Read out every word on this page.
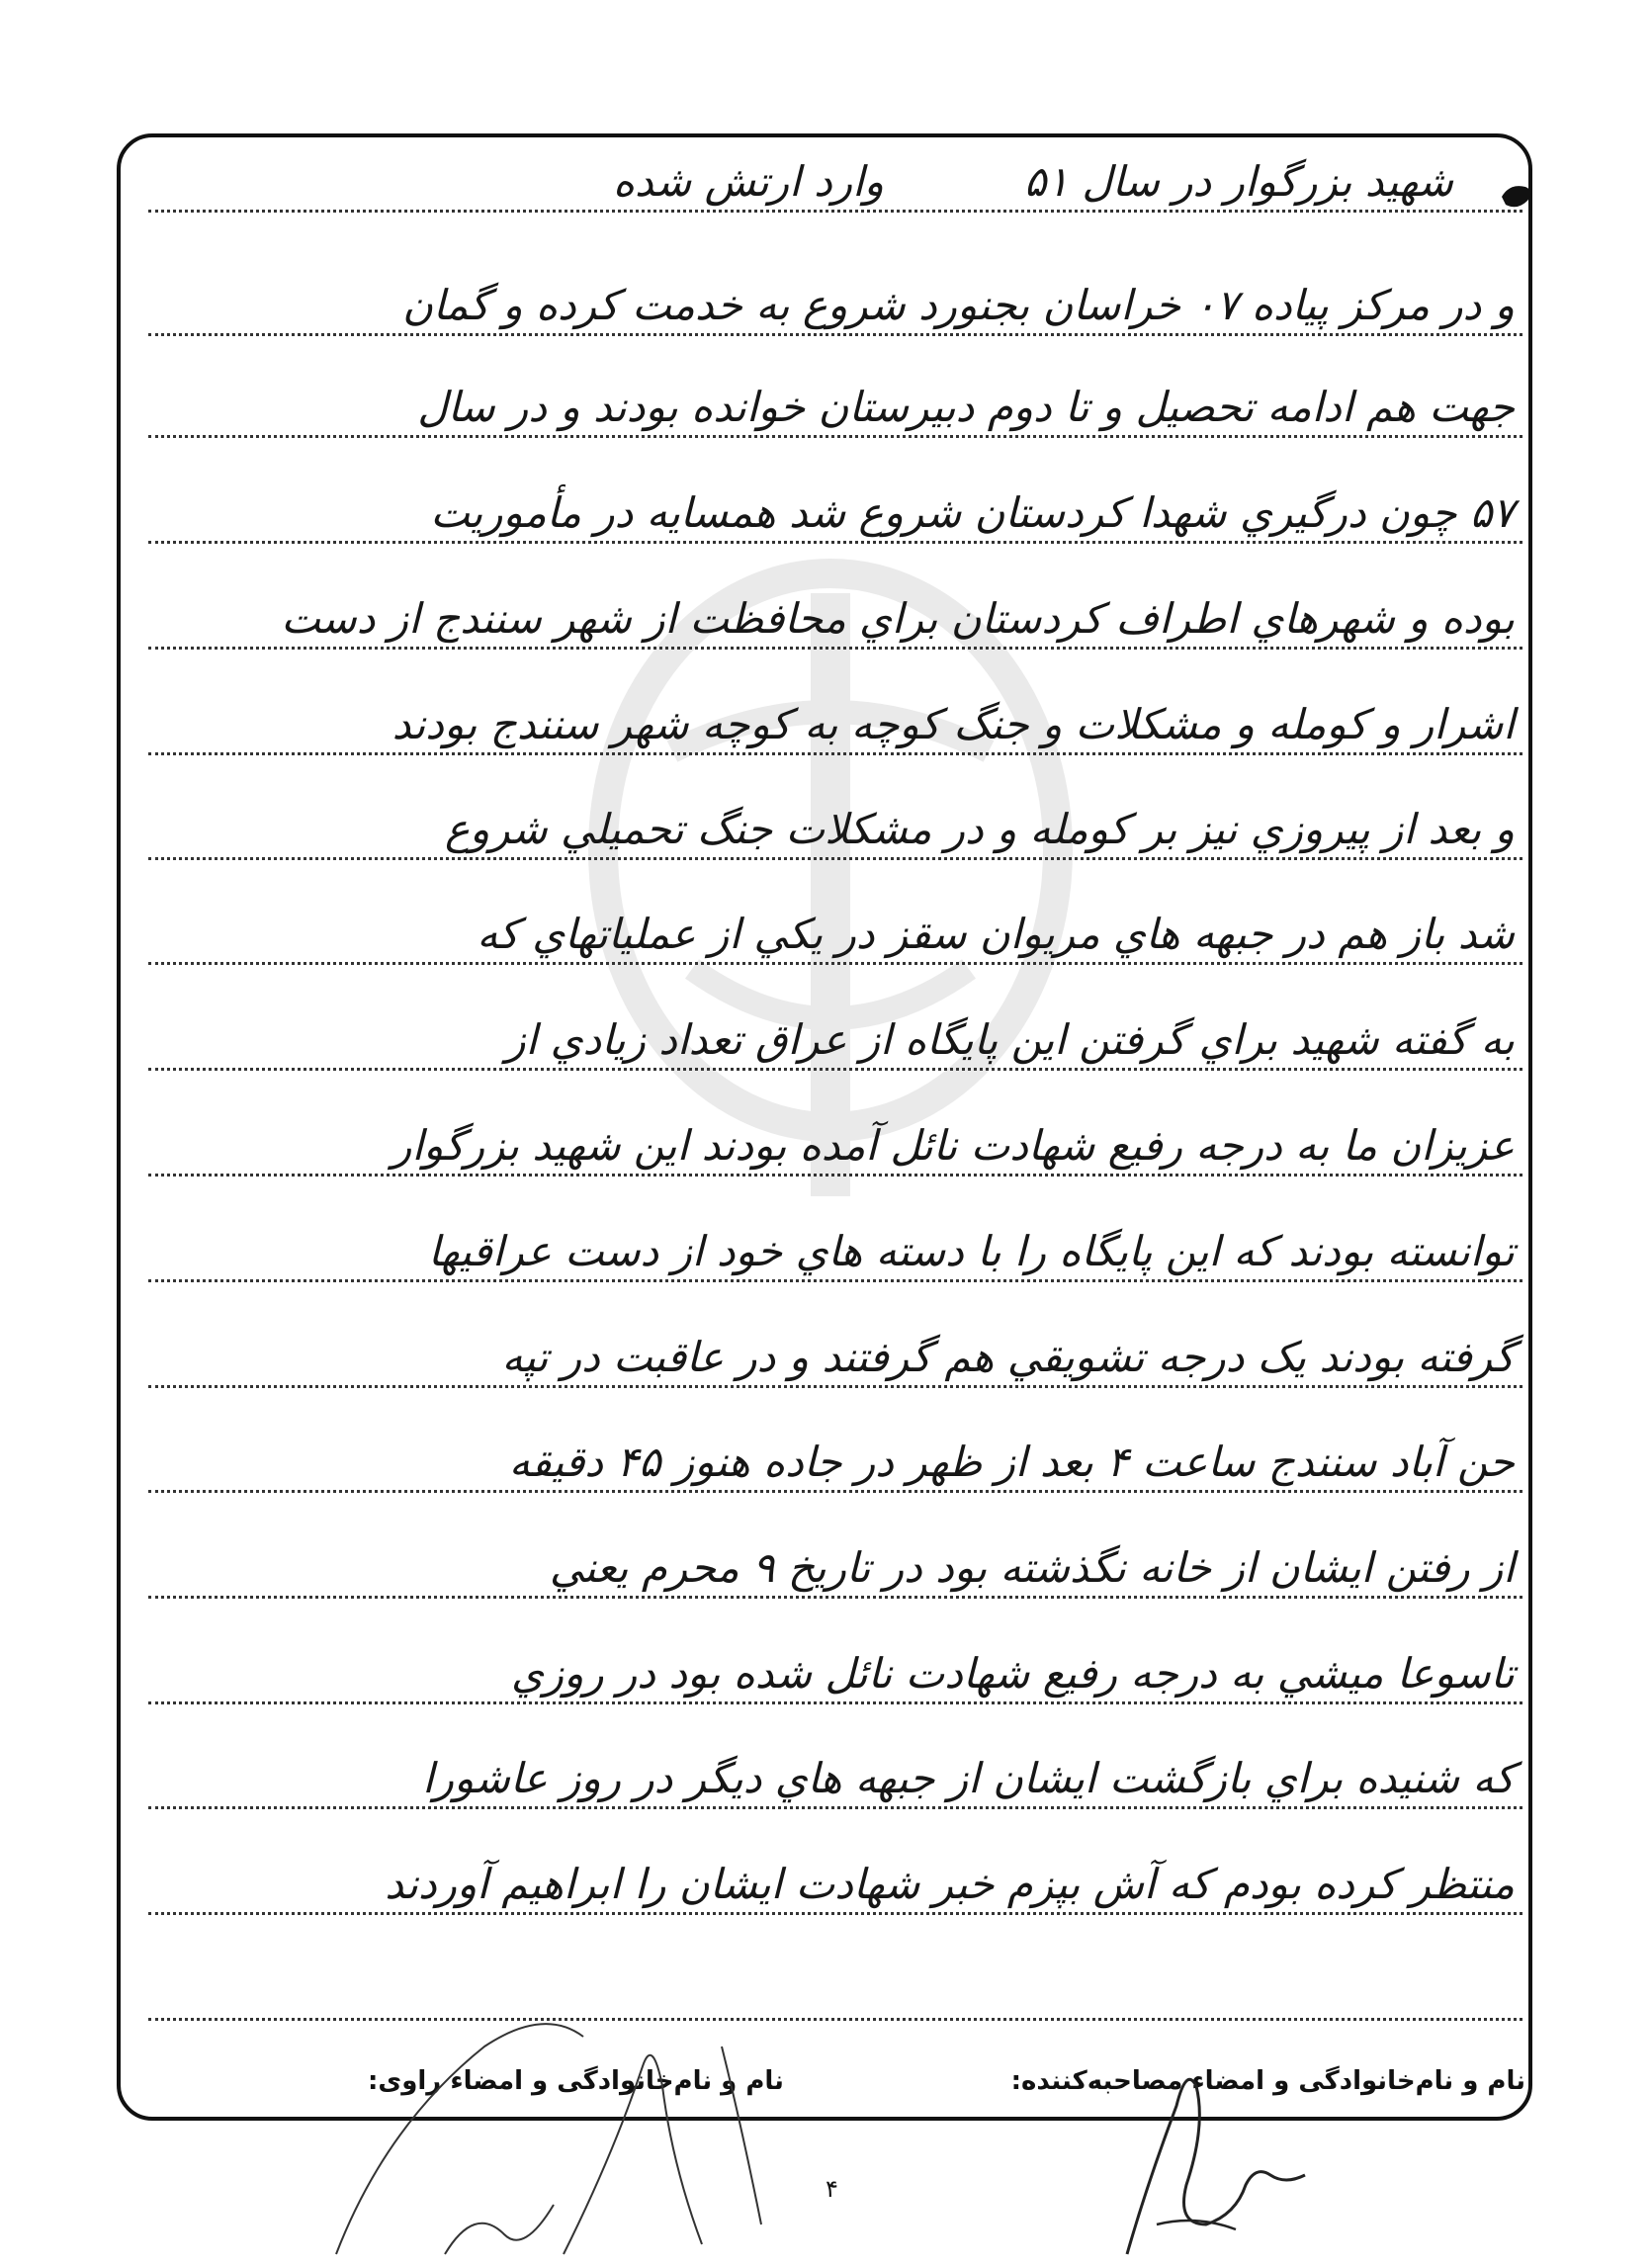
ﺷﻬﻴﺪ ﺑﺰﺭﮔﻮﺍﺭ ﺩﺭ ﺳﺎﻝ ۵۱
ﻭﺍﺭﺩ ﺍﺭﺗﺶ ﺷﺪﻩ
ﻭ ﺩﺭ ﻣﺮﮐﺰ ﭘﻴﺎﺩﻩ ۰۷ ﺧﺮﺍﺳﺎﻥ ﺑﺠﻨﻮﺭﺩ ﺷﺮﻭﻉ ﺑﻪ ﺧﺪﻣﺖ ﮐﺮﺩﻩ ﻭ ﮔﻤﺎﻥ
ﺟﻬﺖ ﻫﻢ ﺍﺩﺍﻣﻪ ﺗﺤﺼﻴﻞ ﻭ ﺗﺎ ﺩﻭﻡ ﺩﺑﻴﺮﺳﺘﺎﻥ ﺧﻮﺍﻧﺪﻩ ﺑﻮﺩﻧﺪ ﻭ ﺩﺭ ﺳﺎﻝ
۵۷ ﭼﻮﻥ ﺩﺭﮔﻴﺮﻱ ﺷﻬﺪﺍ ﮐﺮﺩﺳﺘﺎﻥ ﺷﺮﻭﻉ ﺷﺪ ﻫﻤﺴﺎﻳﻪ ﺩﺭ ﻣﺄﻣﻮﺭﻳﺖ
ﺑﻮﺩﻩ ﻭ ﺷﻬﺮﻫﺎﻱ ﺍﻃﺮﺍﻑ ﮐﺮﺩﺳﺘﺎﻥ ﺑﺮﺍﻱ ﻣﺤﺎﻓﻈﺖ ﺍﺯ ﺷﻬﺮ ﺳﻨﻨﺪﺝ ﺍﺯ ﺩﺳﺖ
ﺍﺷﺮﺍﺭ ﻭ ﮐﻮﻣﻠﻪ ﻭ ﻣﺸﮑﻼﺕ ﻭ ﺟﻨﮓ ﮐﻮﭼﻪ ﺑﻪ ﮐﻮﭼﻪ ﺷﻬﺮ ﺳﻨﻨﺪﺝ ﺑﻮﺩﻧﺪ
ﻭ ﺑﻌﺪ ﺍﺯ ﭘﻴﺮﻭﺯﻱ ﻧﻴﺰ ﺑﺮ ﮐﻮﻣﻠﻪ ﻭ ﺩﺭ ﻣﺸﮑﻼﺕ ﺟﻨﮓ ﺗﺤﻤﻴﻠﻲ ﺷﺮﻭﻉ
ﺷﺪ ﺑﺎﺯ ﻫﻢ ﺩﺭ ﺟﺒﻬﻪ ﻫﺎﻱ ﻣﺮﻳﻮﺍﻥ ﺳﻘﺰ ﺩﺭ ﻳﮑﻲ ﺍﺯ ﻋﻤﻠﻴﺎﺗﻬﺎﻱ ﮐﻪ
ﺑﻪ ﮔﻔﺘﻪ ﺷﻬﻴﺪ ﺑﺮﺍﻱ ﮔﺮﻓﺘﻦ ﺍﻳﻦ ﭘﺎﻳﮕﺎﻩ ﺍﺯ ﻋﺮﺍﻕ ﺗﻌﺪﺍﺩ ﺯﻳﺎﺩﻱ ﺍﺯ
ﻋﺰﻳﺰﺍﻥ ﻣﺎ ﺑﻪ ﺩﺭﺟﻪ ﺭﻓﻴﻊ ﺷﻬﺎﺩﺕ ﻧﺎﺋﻞ ﺁﻣﺪﻩ ﺑﻮﺩﻧﺪ ﺍﻳﻦ ﺷﻬﻴﺪ ﺑﺰﺭﮔﻮﺍﺭ
ﺗﻮﺍﻧﺴﺘﻪ ﺑﻮﺩﻧﺪ ﮐﻪ ﺍﻳﻦ ﭘﺎﻳﮕﺎﻩ ﺭﺍ ﺑﺎ ﺩﺳﺘﻪ ﻫﺎﻱ ﺧﻮﺩ ﺍﺯ ﺩﺳﺖ ﻋﺮﺍﻗﻴﻬﺎ
ﮔﺮﻓﺘﻪ ﺑﻮﺩﻧﺪ ﻳﮏ ﺩﺭﺟﻪ ﺗﺸﻮﻳﻘﻲ ﻫﻢ ﮔﺮﻓﺘﻨﺪ ﻭ ﺩﺭ ﻋﺎﻗﺒﺖ ﺩﺭ ﺗﭙﻪ
ﺣﻦ ﺁﺑﺎﺩ ﺳﻨﻨﺪﺝ ﺳﺎﻋﺖ ۴ ﺑﻌﺪ ﺍﺯ ﻇﻬﺮ ﺩﺭ ﺟﺎﺩﻩ ﻫﻨﻮﺯ ۴۵ ﺩﻗﻴﻘﻪ
ﺍﺯ ﺭﻓﺘﻦ ﺍﻳﺸﺎﻥ ﺍﺯ ﺧﺎﻧﻪ ﻧﮕﺬﺷﺘﻪ ﺑﻮﺩ ﺩﺭ ﺗﺎﺭﻳﺦ ۹ ﻣﺤﺮﻡ ﻳﻌﻨﻲ
ﺗﺎﺳﻮﻋﺎ ﻣﻴﺸﻲ ﺑﻪ ﺩﺭﺟﻪ ﺭﻓﻴﻊ ﺷﻬﺎﺩﺕ ﻧﺎﺋﻞ ﺷﺪﻩ ﺑﻮﺩ ﺩﺭ ﺭﻭﺯﻱ
ﮐﻪ ﺷﻨﻴﺪﻩ ﺑﺮﺍﻱ ﺑﺎﺯﮔﺸﺖ ﺍﻳﺸﺎﻥ ﺍﺯ ﺟﺒﻬﻪ ﻫﺎﻱ ﺩﻳﮕﺮ ﺩﺭ ﺭﻭﺯ ﻋﺎﺷﻮﺭﺍ
ﻣﻨﺘﻈﺮ ﮐﺮﺩﻩ ﺑﻮﺩﻡ ﮐﻪ ﺁﺵ ﺑﭙﺰﻡ ﺧﺒﺮ ﺷﻬﺎﺩﺕ ﺍﻳﺸﺎﻥ ﺭﺍ ﺍﺑﺮﺍﻫﻴﻢ ﺁﻭﺭﺩﻧﺪ
ﻧﺎﻡ ﻭ ﻧﺎﻡﺧﺎﻧﻮﺍﺩﮔﻰ ﻭ ﺍﻣﻀﺎﺀ ﻣﺼﺎﺣﺒﻪﮐﻨﻨﺪﻩ:
ﻧﺎﻡ ﻭ ﻧﺎﻡﺧﺎﻧﻮﺍﺩﮔﻰ ﻭ ﺍﻣﻀﺎﺀ ﺭﺍﻭﻯ:
۴
